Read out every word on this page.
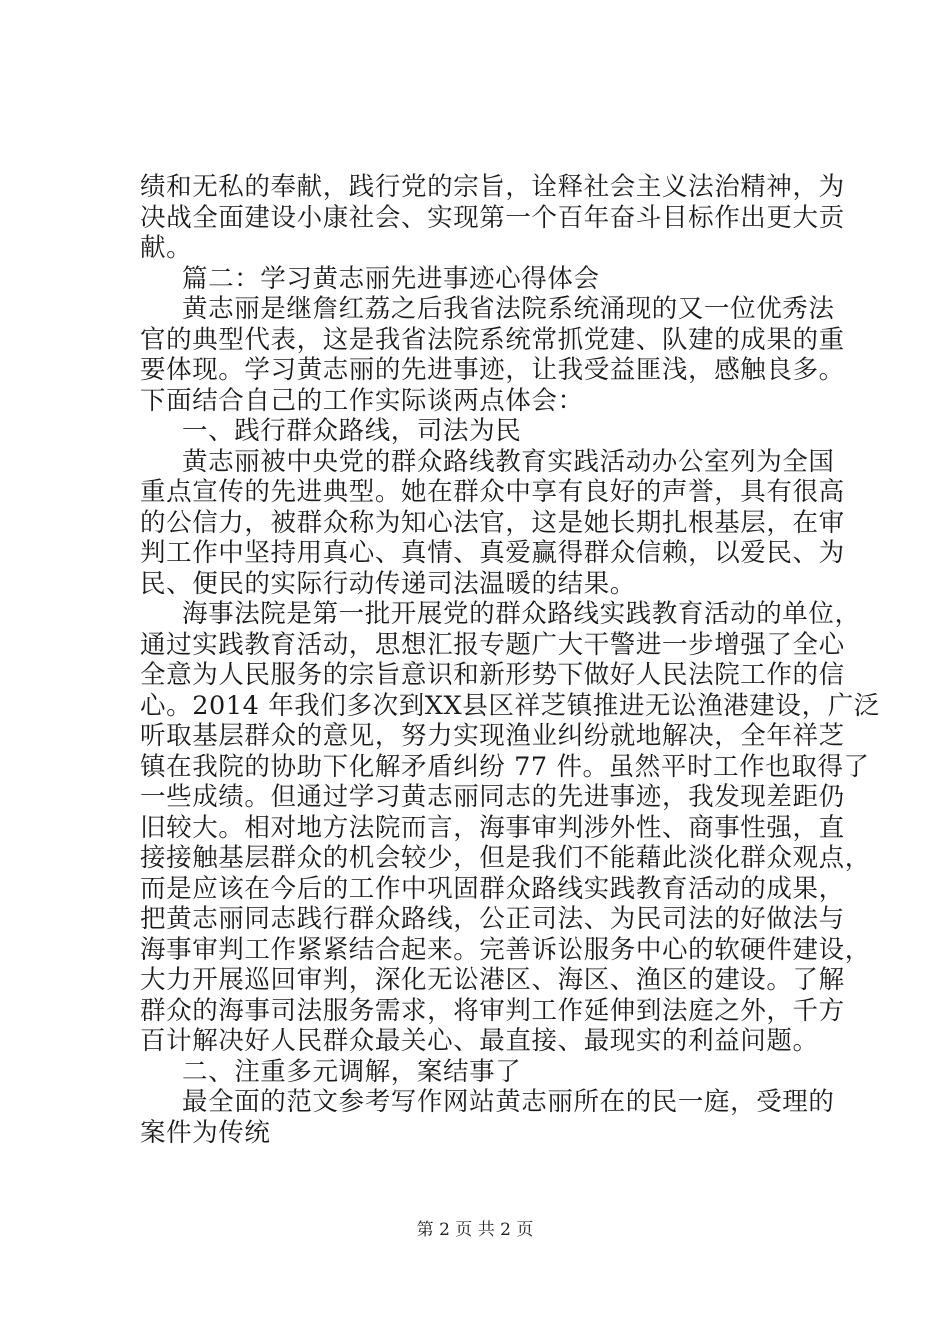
绩和无私的奉献，践行党的宗旨，诠释社会主义法治精神，为
决战全面建设小康社会、实现第一个百年奋斗目标作出更大贡
献。
篇二：学习黄志丽先进事迹心得体会
黄志丽是继詹红荔之后我省法院系统涌现的又一位优秀法
官的典型代表，这是我省法院系统常抓党建、队建的成果的重
要体现。学习黄志丽的先进事迹，让我受益匪浅，感触良多。
下面结合自己的工作实际谈两点体会：
一、践行群众路线，司法为民
黄志丽被中央党的群众路线教育实践活动办公室列为全国
重点宣传的先进典型。她在群众中享有良好的声誉，具有很高
的公信力，被群众称为知心法官，这是她长期扎根基层，在审
判工作中坚持用真心、真情、真爱赢得群众信赖，以爱民、为
民、便民的实际行动传递司法温暖的结果。
海事法院是第一批开展党的群众路线实践教育活动的单位，
通过实践教育活动，思想汇报专题广大干警进一步增强了全心
全意为人民服务的宗旨意识和新形势下做好人民法院工作的信
心。2014 年我们多次到XX县区祥芝镇推进无讼渔港建设，广泛
听取基层群众的意见，努力实现渔业纠纷就地解决，全年祥芝
镇在我院的协助下化解矛盾纠纷 77 件。虽然平时工作也取得了
一些成绩。但通过学习黄志丽同志的先进事迹，我发现差距仍
旧较大。相对地方法院而言，海事审判涉外性、商事性强，直
接接触基层群众的机会较少，但是我们不能藉此淡化群众观点，
而是应该在今后的工作中巩固群众路线实践教育活动的成果，
把黄志丽同志践行群众路线，公正司法、为民司法的好做法与
海事审判工作紧紧结合起来。完善诉讼服务中心的软硬件建设，
大力开展巡回审判，深化无讼港区、海区、渔区的建设。了解
群众的海事司法服务需求，将审判工作延伸到法庭之外，千方
百计解决好人民群众最关心、最直接、最现实的利益问题。
二、注重多元调解，案结事了
最全面的范文参考写作网站黄志丽所在的民一庭，受理的
案件为传统
第 2 页 共 2 页
